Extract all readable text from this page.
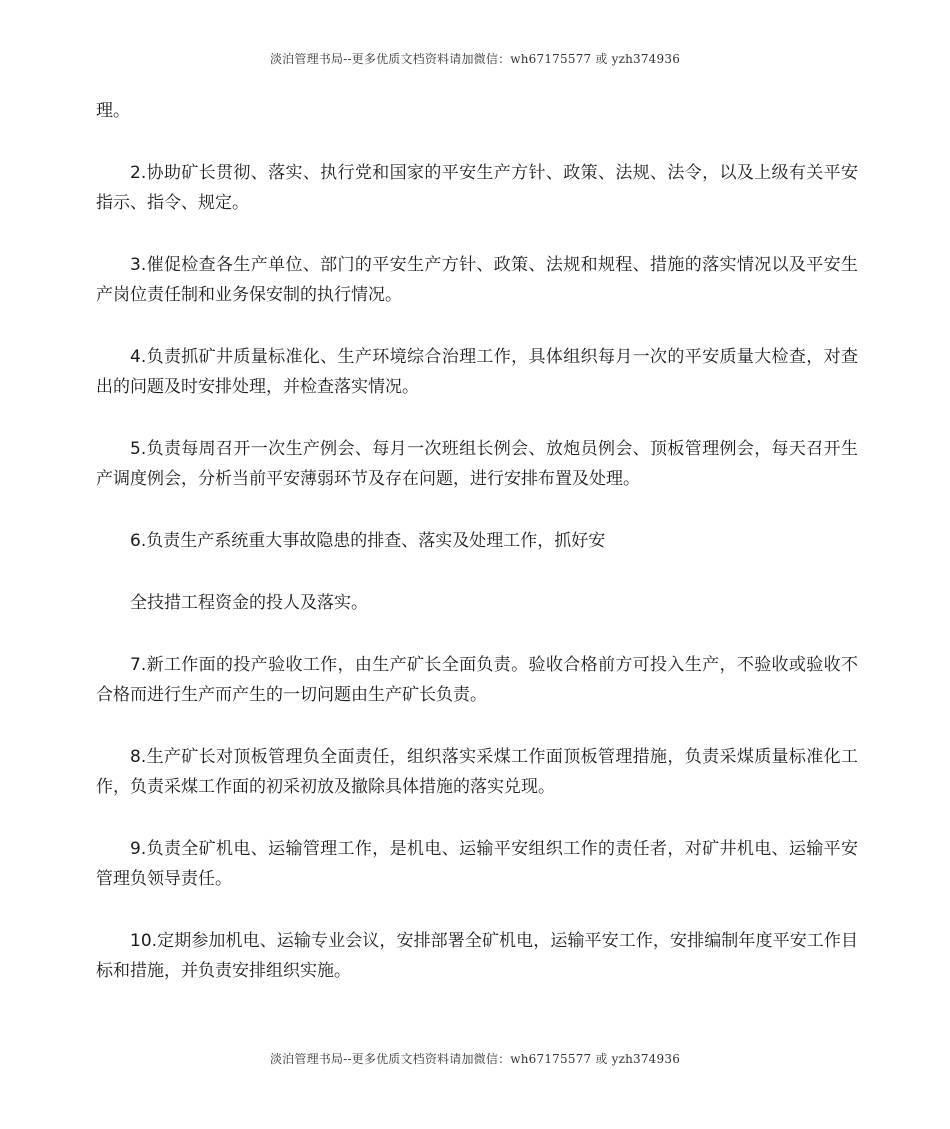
淡泊管理书局--更多优质文档资料请加微信：wh67175577 或 yzh374936

理。

2.协助矿长贯彻、落实、执行党和国家的平安生产方针、政策、法规、法令，以及上级有关平安指示、指令、规定。

3.催促检查各生产单位、部门的平安生产方针、政策、法规和规程、措施的落实情况以及平安生产岗位责任制和业务保安制的执行情况。

4.负责抓矿井质量标准化、生产环境综合治理工作，具体组织每月一次的平安质量大检查，对查出的问题及时安排处理，并检查落实情况。

5.负责每周召开一次生产例会、每月一次班组长例会、放炮员例会、顶板管理例会，每天召开生产调度例会，分析当前平安薄弱环节及存在问题，进行安排布置及处理。

6.负责生产系统重大事故隐患的排查、落实及处理工作，抓好安

全技措工程资金的投人及落实。

7.新工作面的投产验收工作，由生产矿长全面负责。验收合格前方可投入生产，不验收或验收不合格而进行生产而产生的一切问题由生产矿长负责。

8.生产矿长对顶板管理负全面责任，组织落实采煤工作面顶板管理措施，负责采煤质量标准化工作，负责采煤工作面的初采初放及撤除具体措施的落实兑现。

9.负责全矿机电、运输管理工作，是机电、运输平安组织工作的责任者，对矿井机电、运输平安管理负领导责任。

10.定期参加机电、运输专业会议，安排部署全矿机电，运输平安工作，安排编制年度平安工作目标和措施，并负责安排组织实施。

淡泊管理书局--更多优质文档资料请加微信：wh67175577 或 yzh374936
